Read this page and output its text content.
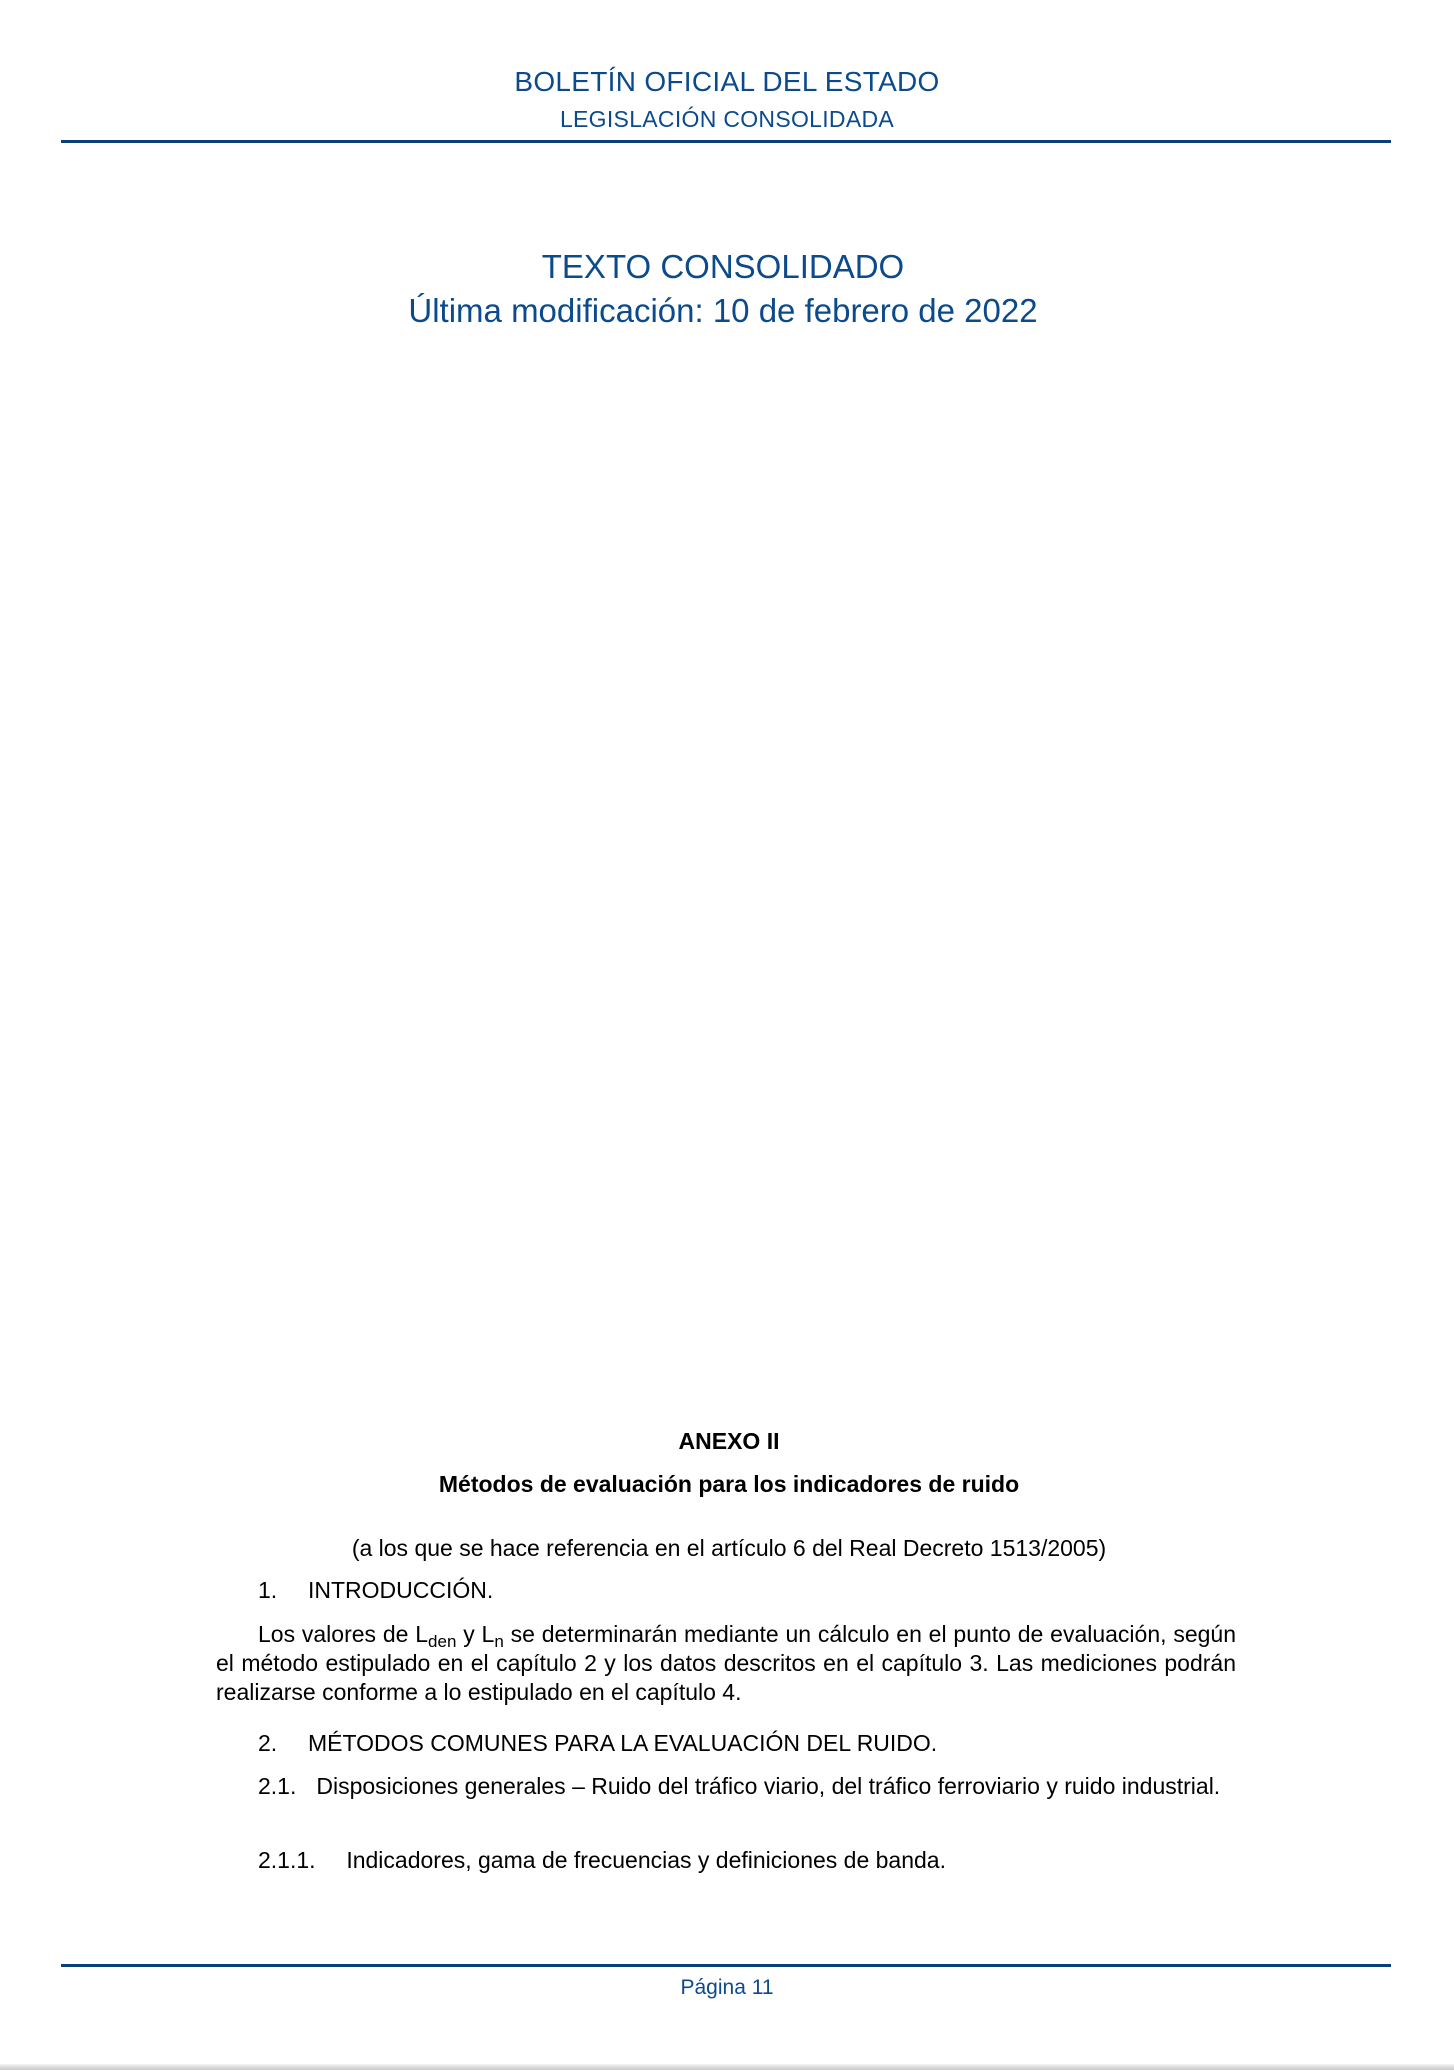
BOLETÍN OFICIAL DEL ESTADO
LEGISLACIÓN CONSOLIDADA
TEXTO CONSOLIDADO
Última modificación: 10 de febrero de 2022
ANEXO II
Métodos de evaluación para los indicadores de ruido
(a los que se hace referencia en el artículo 6 del Real Decreto 1513/2005)
1. INTRODUCCIÓN.
Los valores de $L_{den}$ y $L_n$ se determinarán mediante un cálculo en el punto de evaluación, según el método estipulado en el capítulo 2 y los datos descritos en el capítulo 3. Las mediciones podrán realizarse conforme a lo estipulado en el capítulo 4.
2. MÉTODOS COMUNES PARA LA EVALUACIÓN DEL RUIDO.
2.1. Disposiciones generales – Ruido del tráfico viario, del tráfico ferroviario y ruido industrial.
2.1.1. Indicadores, gama de frecuencias y definiciones de banda.
Página 11
